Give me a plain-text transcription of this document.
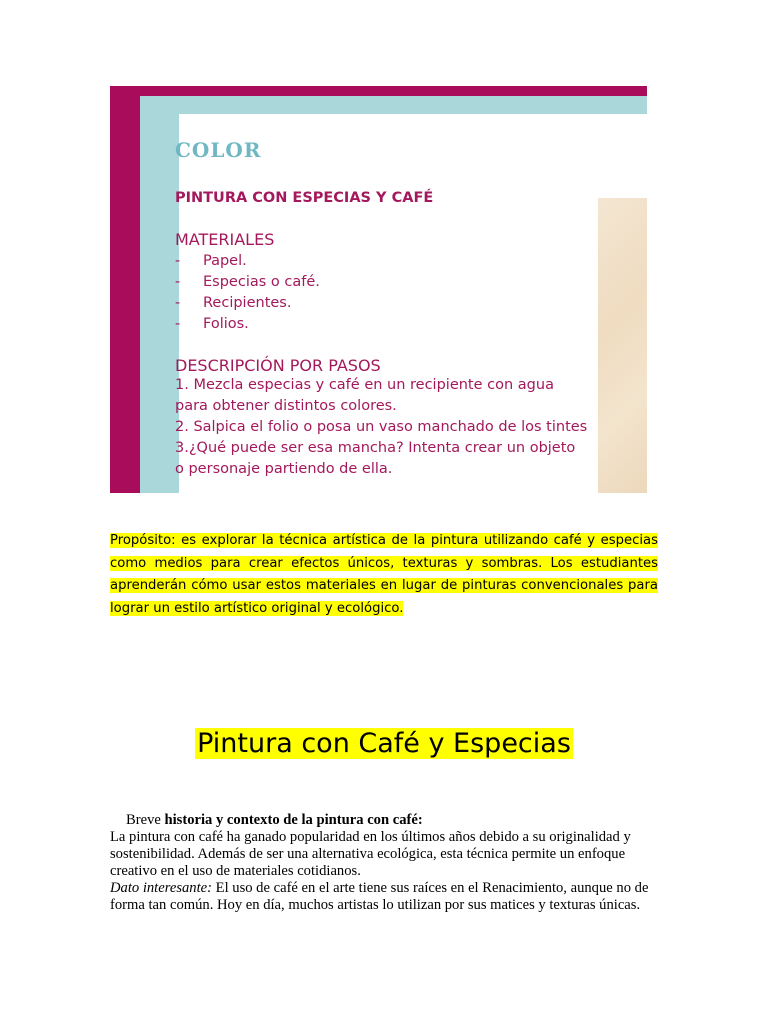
COLOR
PINTURA CON ESPECIAS Y CAFÉ
MATERIALES
- Papel.
- Especias o café.
- Recipientes.
- Folios.
DESCRIPCIÓN POR PASOS
1. Mezcla especias y café en un recipiente con agua
para obtener distintos colores.
2. Salpica el folio o posa un vaso manchado de los tintes
3.¿Qué puede ser esa mancha? Intenta crear un objeto
o personaje partiendo de ella.
Propósito: es explorar la técnica artística de la pintura utilizando café y especias como medios para crear efectos únicos, texturas y sombras. Los estudiantes aprenderán cómo usar estos materiales en lugar de pinturas convencionales para lograr un estilo artístico original y ecológico.
Pintura con Café y Especias
Breve historia y contexto de la pintura con café:
La pintura con café ha ganado popularidad en los últimos años debido a su originalidad y sostenibilidad. Además de ser una alternativa ecológica, esta técnica permite un enfoque creativo en el uso de materiales cotidianos.
Dato interesante: El uso de café en el arte tiene sus raíces en el Renacimiento, aunque no de forma tan común. Hoy en día, muchos artistas lo utilizan por sus matices y texturas únicas.
